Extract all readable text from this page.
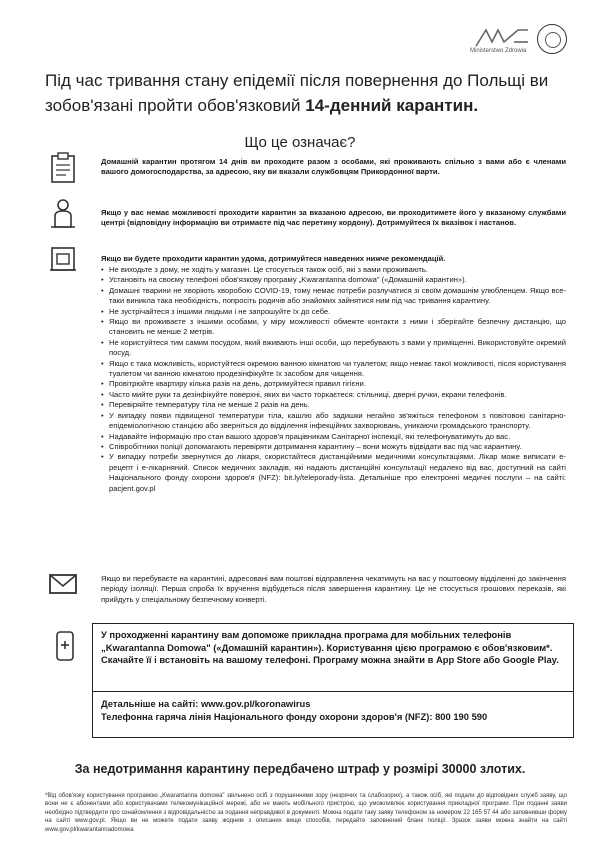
Ministerstwo Zdrowia
Під час тривання стану епідемії після повернення до Польщі ви
зобов'язані пройти обов'язковий 14-денний карантин.
Що це означає?
Домашній карантин протягом 14 днів ви проходите разом з особами, які проживають спільно з вами або є членами вашого домогосподарства, за адресою, яку ви вказали службовцям Прикордонної варти.
Якщо у вас немає можливості проходити карантин за вказаною адресою, ви проходитимете його у вказаному службами центрі (відповідну інформацію ви отримаєте під час перетину кордону). Дотримуйтеся їх вказівок і настанов.
Якщо ви будете проходити карантин удома, дотримуйтеся наведених нижче рекомендацій.
• Не виходьте з дому, не ходіть у магазин. Це стосується також осіб, які з вами проживають.
• Установіть на своєму телефоні обов'язкову програму „Kwarantanna domowa" («Домашній карантин»).
• Домашні тварини не хворіють хворобою COVID-19, тому немає потреби розлучатися зі своїм домашнім улюбленцем. Якщо все-таки виникла така необхідність, попросіть родичів або знайомих зайнятися ним під час тривання карантину.
• Не зустрічайтеся з іншими людьми і не запрошуйте їх до себе.
• Якщо ви проживаєте з іншими особами, у міру можливості обмежте контакти з ними і зберігайте безпечну дистанцію, що становить не менше 2 метрів.
• Не користуйтеся тим самим посудом, який вживають інші особи, що перебувають з вами у приміщенні. Використовуйте окремий посуд.
• Якщо є така можливість, користуйтеся окремою ванною кімнатою чи туалетом; якщо немає такої можливості, після користування туалетом чи ванною кімнатою продезінфікуйте їх засобом для чищення.
• Провітрюйте квартиру кілька разів на день, дотримуйтеся правил гігієни.
• Часто мийте руки та дезінфікуйте поверхні, яких ви часто торкаєтеся: стільниці, дверні ручки, екрани телефонів.
• Перевіряйте температуру тіла не менше 2 разів на день.
• У випадку появи підвищеної температури тіла, кашлю або задишки негайно зв'яжіться телефоном з повітовою санітарно-епідеміологічною станцією або зверніться до відділення інфекційних захворювань, уникаючи громадського транспорту.
• Надавайте інформацію про стан вашого здоров'я працівникам Санітарної інспекції, які телефонуватимуть до вас.
• Співробітники поліції допомагають перевіряти дотримання карантину – вони можуть відвідати вас під час карантину.
• У випадку потреби звернутися до лікаря, скористайтеся дистанційними медичними консультаціями. Лікар може виписати е-рецепт і е-лікарняний. Список медичних закладів, які надають дистанційні консультації недалеко від вас, доступний на сайті Національного фонду охорони здоров'я (NFZ): bit.ly/teleporady-lista. Детальніше про електронні медичні послуги – на сайті: pacjent.gov.pl
Якщо ви перебуваєте на карантині, адресовані вам поштові відправлення чекатимуть на вас у поштовому відділенні до закінчення періоду ізоляції. Перша спроба їх вручення відбудеться після завершення карантину. Це не стосується грошових переказів, які прийдуть у спеціальному безпечному конверті.
У проходженні карантину вам допоможе прикладна програма для мобільних телефонів „Kwarantanna Domowa" («Домашній карантин»). Користування цією програмою є обов'язковим*. Скачайте її і встановіть на вашому телефоні. Програму можна знайти в App Store або Google Play.
Детальніше на сайті: www.gov.pl/koronawirus
Телефонна гаряча лінія Національного фонду охорони здоров'я (NFZ): 800 190 590
За недотримання карантину передбачено штраф у розмірі 30000 злотих.
*Від обов'язку користування програмою „Kwarantanna domowa" звільнено осіб з порушеннями зору (незрячих та слабозорих), а також осіб, які подали до відповідних служб заяву, що вони не є абонентами або користувачами телекомунікаційної мережі, або не мають мобільного пристрою, що уможливлює користування прикладної програми. При поданні заяви необхідно підтвердити про ознайомлення з відповідальністю за подання неправдивої в документі. Можна подати таку заяву телефоном за номером 22 165 57 44 або заповнивши форму на сайті www.gov.pl. Якщо ви не можете подати заяву жодним з описаних вище способів, передайте заповнений бланк поліції. Зразок заяви можна знайти на сайті www.gov.pl/kwarantannadomowa
